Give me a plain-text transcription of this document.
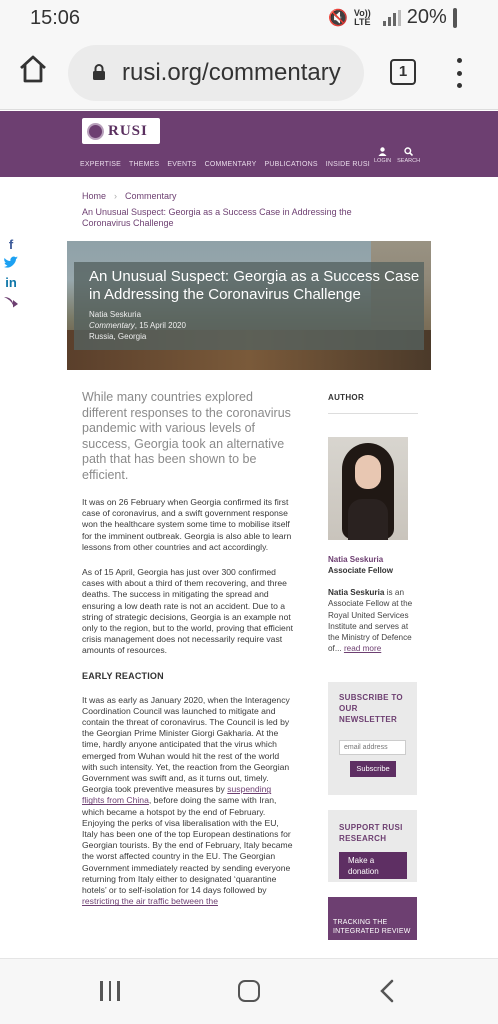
15:06	🔇 Vo)) LTE 20%
rusi.org/commentary	1
RUSI
EXPERTISE THEMES EVENTS COMMENTARY PUBLICATIONS INSIDE RUSI LOGIN SEARCH
Home › Commentary
An Unusual Suspect: Georgia as a Success Case in Addressing the Coronavirus Challenge
f
in	An Unusual Suspect: Georgia as a Success Case in Addressing the Coronavirus Challenge
Natia Seskuria
Commentary, 15 April 2020
Russia, Georgia
While many countries explored different responses to the coronavirus pandemic with various levels of success, Georgia took an alternative path that has been shown to be efficient.
It was on 26 February when Georgia confirmed its first case of coronavirus, and a swift government response won the healthcare system some time to mobilise itself for the imminent outbreak. Georgia is also able to learn lessons from other countries and act accordingly.
As of 15 April, Georgia has just over 300 confirmed cases with about a third of them recovering, and three deaths. The success in mitigating the spread and ensuring a low death rate is not an accident. Due to a string of strategic decisions, Georgia is an example not only to the region, but to the world, proving that efficient crisis management does not necessarily require vast amounts of resources.
EARLY REACTION
It was as early as January 2020, when the Interagency Coordination Council was launched to mitigate and contain the threat of coronavirus. The Council is led by the Georgian Prime Minister Giorgi Gakharia. At the time, hardly anyone anticipated that the virus which emerged from Wuhan would hit the rest of the world with such intensity. Yet, the reaction from the Georgian Government was swift and, as it turns out, timely. Georgia took preventive measures by suspending flights from China, before doing the same with Iran, which became a hotspot by the end of February. Enjoying the perks of visa liberalisation with the EU, Italy has been one of the top European destinations for Georgian tourists. By the end of February, Italy became the worst affected country in the EU. The Georgian Government immediately reacted by sending everyone returning from Italy either to designated ‘quarantine hotels’ or to self-isolation for 14 days followed by restricting the air traffic between the
AUTHOR
Natia Seskuria
Associate Fellow
Natia Seskuria is an Associate Fellow at the Royal United Services Institute and serves at the Ministry of Defence of... read more
SUBSCRIBE TO OUR NEWSLETTER
email address
Subscribe
SUPPORT RUSI RESEARCH
Make a donation
TRACKING THE INTEGRATED REVIEW
